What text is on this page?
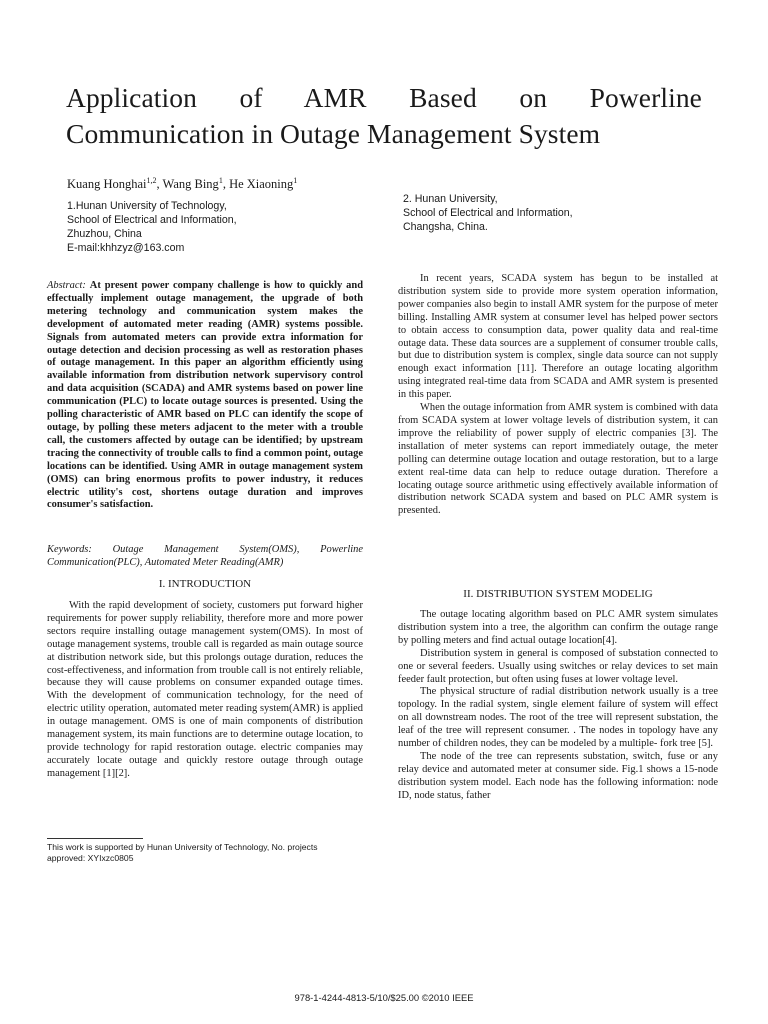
Application of AMR Based on Powerline
Communication in Outage Management System
Kuang Honghai$^{1,2}$, Wang Bing$^1$, He Xiaoning$^1$
1.Hunan University of Technology,
School of Electrical and Information,
Zhuzhou, China
E-mail:khhzyz@163.com
2. Hunan University,
School of Electrical and Information,
Changsha, China.
Abstract: At present power company challenge is how to quickly and effectually implement outage management, the upgrade of both metering technology and communication system makes the development of automated meter reading (AMR) systems possible. Signals from automated meters can provide extra information for outage detection and decision processing as well as restoration phases of outage management. In this paper an algorithm efficiently using available information from distribution network supervisory control and data acquisition (SCADA) and AMR systems based on power line communication (PLC) to locate outage sources is presented. Using the polling characteristic of AMR based on PLC can identify the scope of outage, by polling these meters adjacent to the meter with a trouble call, the customers affected by outage can be identified; by upstream tracing the connectivity of trouble calls to find a common point, outage locations can be identified. Using AMR in outage management system (OMS) can bring enormous profits to power industry, it reduces electric utility's cost, shortens outage duration and improves consumer's satisfaction.
Keywords: Outage Management System(OMS), Powerline Communication(PLC), Automated Meter Reading(AMR)
I. INTRODUCTION

With the rapid development of society, customers put forward higher requirements for power supply reliability, therefore more and more power sectors require installing outage management system(OMS). In most of outage management systems, trouble call is regarded as main outage source at distribution network side, but this prolongs outage duration, reduces the cost-effectiveness, and information from trouble call is not entirely reliable, because they will cause problems on consumer expanded outage times. With the development of communication technology, for the need of electric utility operation, automated meter reading system(AMR) is applied in outage management. OMS is one of main components of distribution management system, its main functions are to determine outage location, to provide technology for rapid restoration outage. electric companies may accurately locate outage and quickly restore outage through outage management [1][2].

This work is supported by Hunan University of Technology, No. projects approved: XYIxzc0805

In recent years, SCADA system has begun to be installed at distribution system side to provide more system operation information, power companies also begin to install AMR system for the purpose of meter billing. Installing AMR system at consumer level has helped power sectors to obtain access to consumption data, power quality data and real-time outage data. These data sources are a supplement of consumer trouble calls, but due to distribution system is complex, single data source can not supply enough exact information [11]. Therefore an outage locating algorithm using integrated real-time data from SCADA and AMR system is presented in this paper.

When the outage information from AMR system is combined with data from SCADA system at lower voltage levels of distribution system, it can improve the reliability of power supply of electric companies [3]. The installation of meter systems can report immediately outage, the meter polling can determine outage location and outage restoration, but to a large extent real-time data can help to reduce outage duration. Therefore a locating outage source arithmetic using effectively available information of distribution network SCADA system and based on PLC AMR system is presented.

II. DISTRIBUTION SYSTEM MODELIG

The outage locating algorithm based on PLC AMR system simulates distribution system into a tree, the algorithm can confirm the outage range by polling meters and find actual outage location[4].

Distribution system in general is composed of substation connected to one or several feeders. Usually using switches or relay devices to set main feeder fault protection, but often using fuses at lower voltage level.

The physical structure of radial distribution network usually is a tree topology. In the radial system, single element failure of system will effect on all downstream nodes. The root of the tree will represent substation, the leaf of the tree will represent consumer. . The nodes in topology have any number of children nodes, they can be modeled by a multiple- fork tree [5].

The node of the tree can represents substation, switch, fuse or any relay device and automated meter at consumer side. Fig.1 shows a 15-node distribution system model. Each node has the following information: node ID, node status, father

978-1-4244-4813-5/10/$25.00 ©2010 IEEE
